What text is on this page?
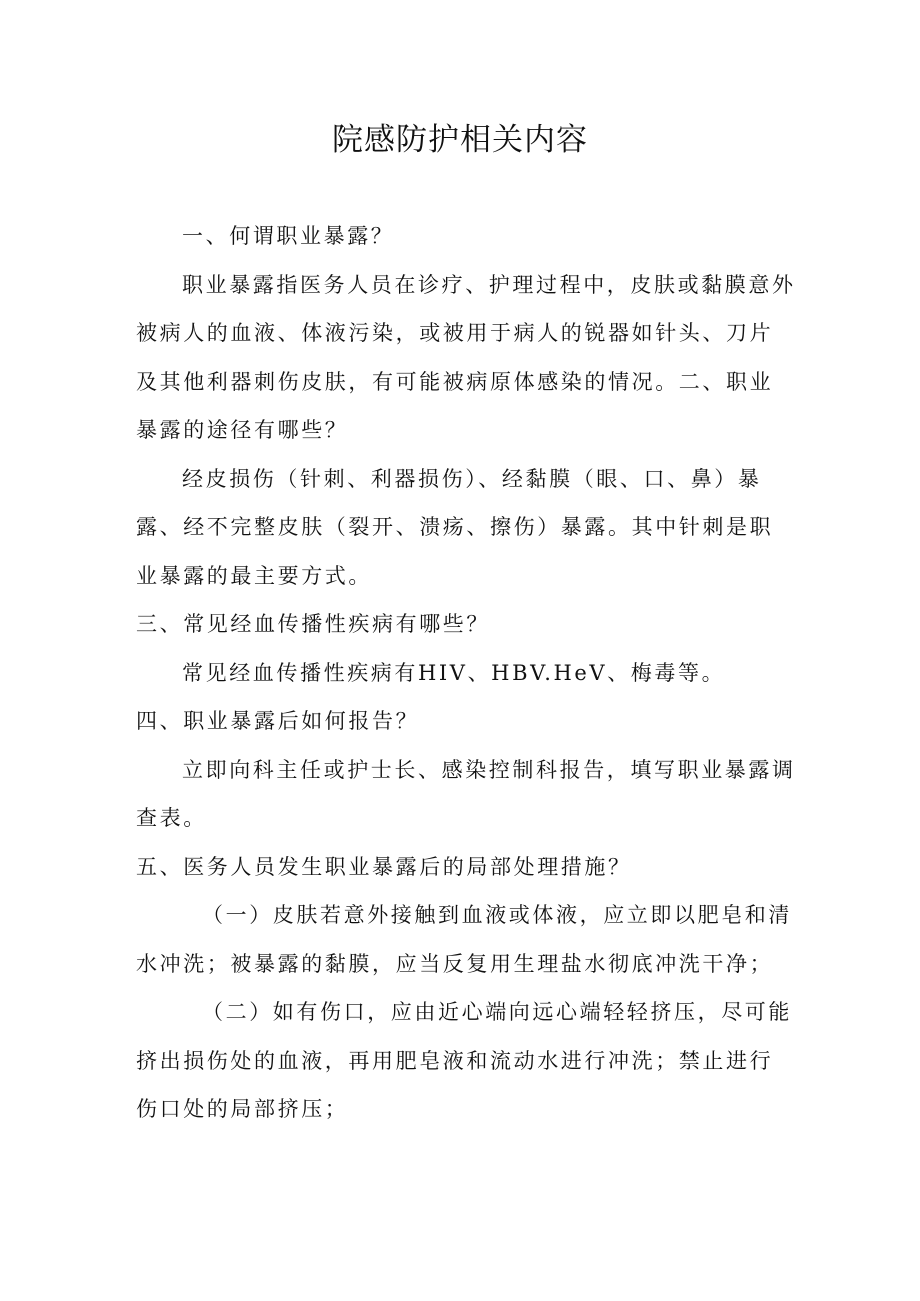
院感防护相关内容

一、何谓职业暴露？

职业暴露指医务人员在诊疗、护理过程中，皮肤或黏膜意外被病人的血液、体液污染，或被用于病人的锐器如针头、刀片及其他利器刺伤皮肤，有可能被病原体感染的情况。二、职业暴露的途径有哪些？

经皮损伤（针刺、利器损伤）、经黏膜（眼、口、鼻）暴露、经不完整皮肤（裂开、溃疡、擦伤）暴露。其中针刺是职业暴露的最主要方式。

三、常见经血传播性疾病有哪些？

常见经血传播性疾病有HIV、HBV.HeV、梅毒等。

四、职业暴露后如何报告？

立即向科主任或护士长、感染控制科报告，填写职业暴露调查表。

五、医务人员发生职业暴露后的局部处理措施？

（一）皮肤若意外接触到血液或体液，应立即以肥皂和清水冲洗；被暴露的黏膜，应当反复用生理盐水彻底冲洗干净；

（二）如有伤口，应由近心端向远心端轻轻挤压，尽可能挤出损伤处的血液，再用肥皂液和流动水进行冲洗；禁止进行伤口处的局部挤压；
